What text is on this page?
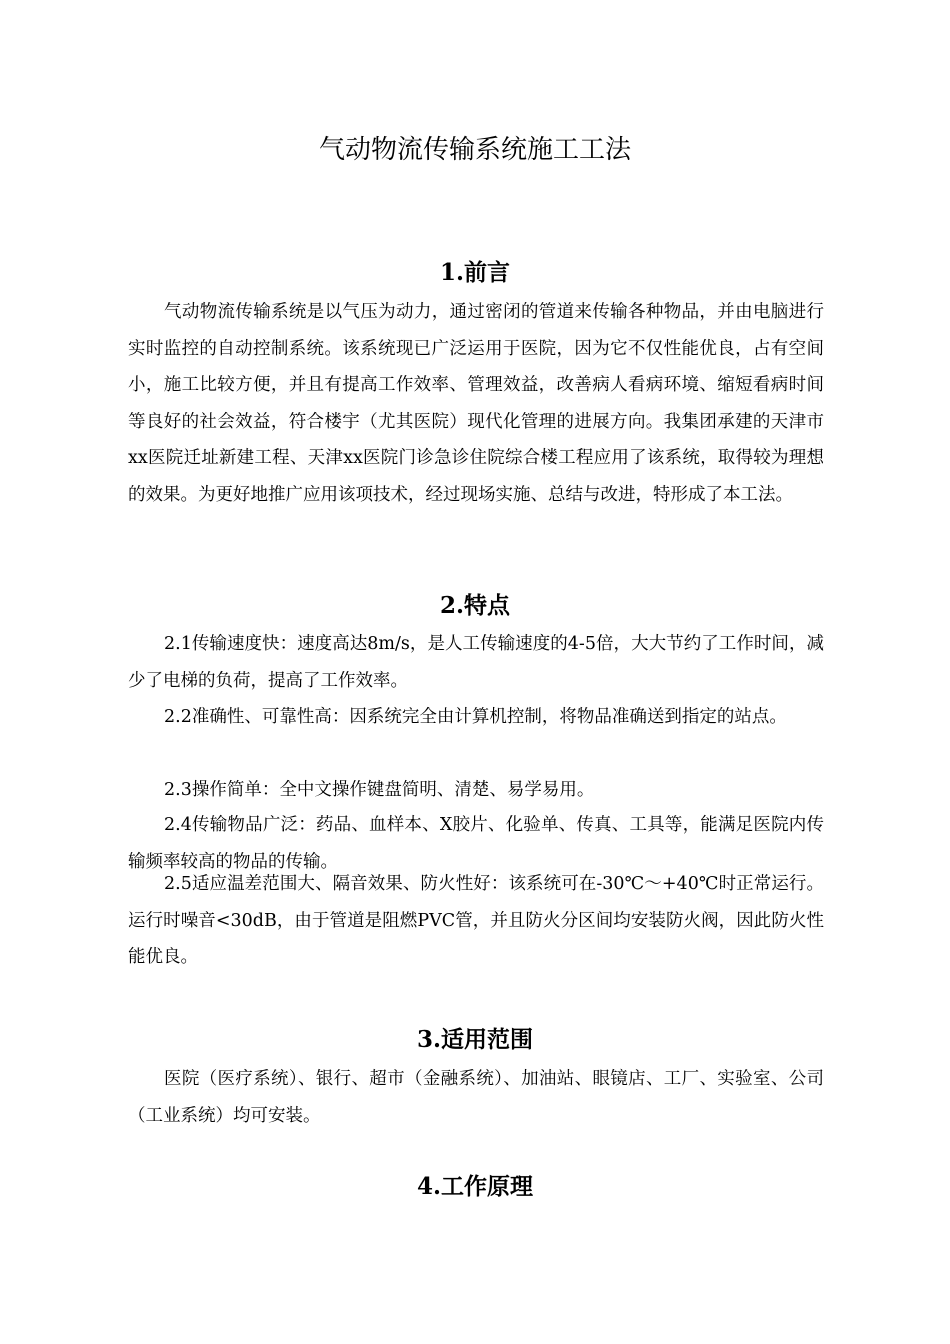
气动物流传输系统施工工法
1.前言

气动物流传输系统是以气压为动力，通过密闭的管道来传输各种物品，并由电脑进行实时监控的自动控制系统。该系统现已广泛运用于医院，因为它不仅性能优良，占有空间小，施工比较方便，并且有提高工作效率、管理效益，改善病人看病环境、缩短看病时间等良好的社会效益，符合楼宇（尤其医院）现代化管理的进展方向。我集团承建的天津市xx医院迁址新建工程、天津xx医院门诊急诊住院综合楼工程应用了该系统，取得较为理想的效果。为更好地推广应用该项技术，经过现场实施、总结与改进，特形成了本工法。

2.特点

2.1传输速度快：速度高达8m/s，是人工传输速度的4-5倍，大大节约了工作时间，减少了电梯的负荷，提高了工作效率。

2.2准确性、可靠性高：因系统完全由计算机控制，将物品准确送到指定的站点。

2.3操作简单：全中文操作键盘简明、清楚、易学易用。

2.4传输物品广泛：药品、血样本、X胶片、化验单、传真、工具等，能满足医院内传输频率较高的物品的传输。

2.5适应温差范围大、隔音效果、防火性好：该系统可在-30℃～+40℃时正常运行。运行时噪音<30dB，由于管道是阻燃PVC管，并且防火分区间均安装防火阀，因此防火性能优良。

3.适用范围

医院（医疗系统）、银行、超市（金融系统）、加油站、眼镜店、工厂、实验室、公司（工业系统）均可安装。

4.工作原理
